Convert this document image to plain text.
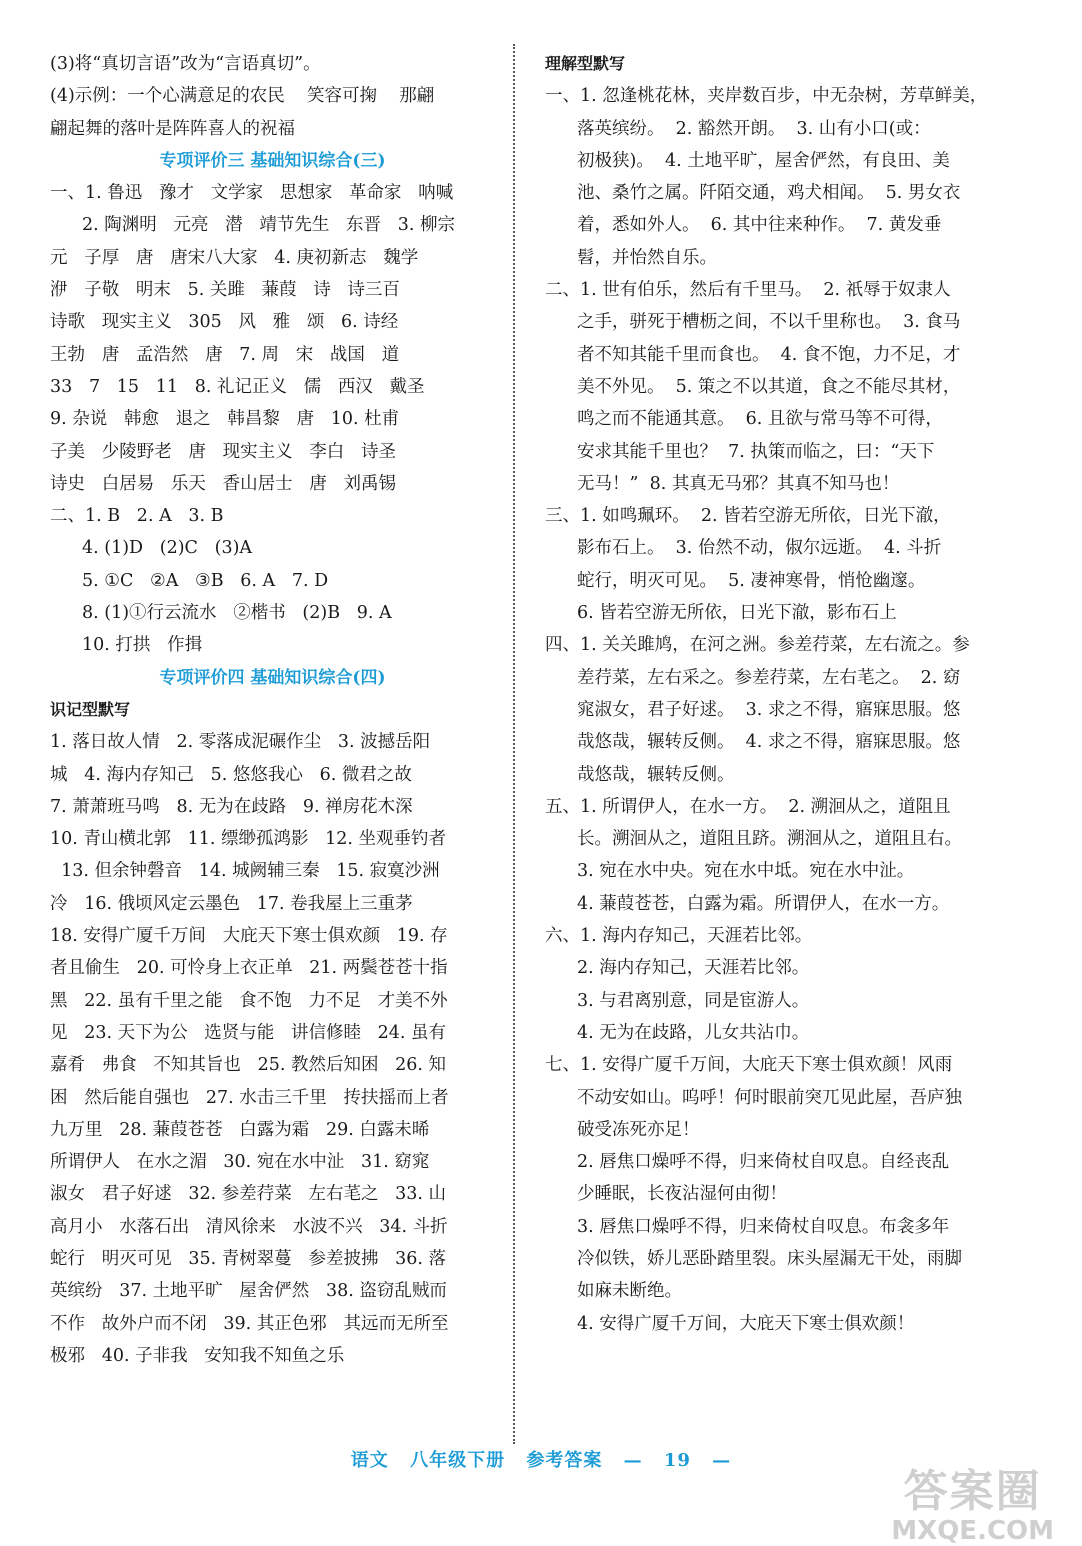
(3)将“真切言语”改为“言语真切”。
(4)示例：一个心满意足的农民    笑容可掬    那翩
翩起舞的落叶是阵阵喜人的祝福
专项评价三 基础知识综合(三)
一、1. 鲁迅   豫才   文学家   思想家   革命家   呐喊
2. 陶渊明   元亮   潜   靖节先生   东晋   3. 柳宗
元   子厚   唐   唐宋八大家   4. 庚初新志   魏学
洢   子敬   明末   5. 关雎   蒹葭   诗   诗三百
诗歌   现实主义   305   风   雅   颂   6. 诗经
王勃   唐   孟浩然   唐   7. 周   宋   战国   道
33   7   15   11   8. 礼记正义   儒   西汉   戴圣
9. 杂说   韩愈   退之   韩昌黎   唐   10. 杜甫
子美   少陵野老   唐   现实主义   李白   诗圣
诗史   白居易   乐天   香山居士   唐   刘禹锡
二、1. B   2. A   3. B
4. (1)D   (2)C   (3)A
5. ①C   ②A   ③B   6. A   7. D
8. (1)①行云流水   ②楷书   (2)B   9. A
10. 打拱   作揖
专项评价四 基础知识综合(四)
识记型默写
1. 落日故人情   2. 零落成泥碾作尘   3. 波撼岳阳
城   4. 海内存知己   5. 悠悠我心   6. 微君之故
7. 萧萧班马鸣   8. 无为在歧路   9. 禅房花木深
10. 青山横北郭   11. 缥缈孤鸿影   12. 坐观垂钓者
13. 但余钟磬音   14. 城阙辅三秦   15. 寂寞沙洲
冷   16. 俄顷风定云墨色   17. 卷我屋上三重茅
18. 安得广厦千万间   大庇天下寒士俱欢颜   19. 存
者且偷生   20. 可怜身上衣正单   21. 两鬓苍苍十指
黑   22. 虽有千里之能   食不饱   力不足   才美不外
见   23. 天下为公   选贤与能   讲信修睦   24. 虽有
嘉肴   弗食   不知其旨也   25. 教然后知困   26. 知
困   然后能自强也   27. 水击三千里   抟扶摇而上者
九万里   28. 蒹葭苍苍   白露为霜   29. 白露未晞
所谓伊人   在水之湄   30. 宛在水中沚   31. 窈窕
淑女   君子好逑   32. 参差荇菜   左右芼之   33. 山
高月小   水落石出   清风徐来   水波不兴   34. 斗折
蛇行   明灭可见   35. 青树翠蔓   参差披拂   36. 落
英缤纷   37. 土地平旷   屋舍俨然   38. 盗窃乱贼而
不作   故外户而不闭   39. 其正色邪   其远而无所至
极邪   40. 子非我   安知我不知鱼之乐
理解型默写
一、1. 忽逢桃花林，夹岸数百步，中无杂树，芳草鲜美，
落英缤纷。  2. 豁然开朗。  3. 山有小口(或：
初极狭)。  4. 土地平旷，屋舍俨然，有良田、美
池、桑竹之属。阡陌交通，鸡犬相闻。  5. 男女衣
着，悉如外人。  6. 其中往来种作。  7. 黄发垂
髫，并怡然自乐。
二、1. 世有伯乐，然后有千里马。  2. 祇辱于奴隶人
之手，骈死于槽枥之间，不以千里称也。  3. 食马
者不知其能千里而食也。  4. 食不饱，力不足，才
美不外见。  5. 策之不以其道，食之不能尽其材，
鸣之而不能通其意。  6. 且欲与常马等不可得，
安求其能千里也？  7. 执策而临之，曰：“天下
无马！”  8. 其真无马邪？其真不知马也！
三、1. 如鸣珮环。  2. 皆若空游无所依，日光下澈，
影布石上。  3. 佁然不动，俶尔远逝。  4. 斗折
蛇行，明灭可见。  5. 凄神寒骨，悄怆幽邃。
6. 皆若空游无所依，日光下澈，影布石上
四、1. 关关雎鸠，在河之洲。参差荇菜，左右流之。参
差荇菜，左右采之。参差荇菜，左右芼之。  2. 窈
窕淑女，君子好逑。  3. 求之不得，寤寐思服。悠
哉悠哉，辗转反侧。  4. 求之不得，寤寐思服。悠
哉悠哉，辗转反侧。
五、1. 所谓伊人，在水一方。  2. 溯洄从之，道阻且
长。溯洄从之，道阻且跻。溯洄从之，道阻且右。
3. 宛在水中央。宛在水中坻。宛在水中沚。
4. 蒹葭苍苍，白露为霜。所谓伊人，在水一方。
六、1. 海内存知己，天涯若比邻。
2. 海内存知己，天涯若比邻。
3. 与君离别意，同是宦游人。
4. 无为在歧路，儿女共沾巾。
七、1. 安得广厦千万间，大庇天下寒士俱欢颜！风雨
不动安如山。呜呼！何时眼前突兀见此屋，吾庐独
破受冻死亦足！
2. 唇焦口燥呼不得，归来倚杖自叹息。自经丧乱
少睡眠，长夜沾湿何由彻！
3. 唇焦口燥呼不得，归来倚杖自叹息。布衾多年
冷似铁，娇儿恶卧踏里裂。床头屋漏无干处，雨脚
如麻未断绝。
4. 安得广厦千万间，大庇天下寒士俱欢颜！
语文 八年级下册 参考答案 — 19 —
答案圈
MXQE.COM
